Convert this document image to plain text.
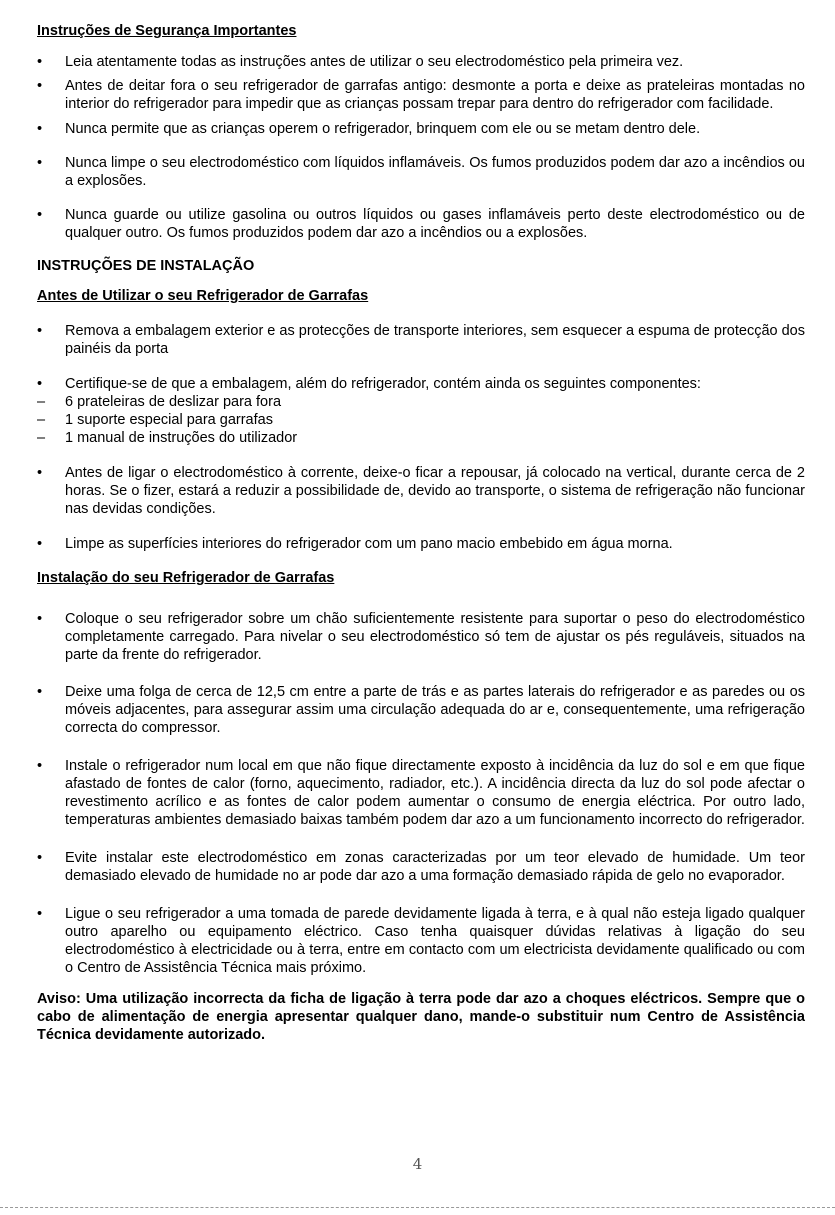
Instruções de Segurança Importantes

• Leia atentamente todas as instruções antes de utilizar o seu electrodoméstico pela primeira vez.

• Antes de deitar fora o seu refrigerador de garrafas antigo: desmonte a porta e deixe as prateleiras montadas no interior do refrigerador para impedir que as crianças possam trepar para dentro do refrigerador com facilidade.

• Nunca permite que as crianças operem o refrigerador, brinquem com ele ou se metam dentro dele.

• Nunca limpe o seu electrodoméstico com líquidos inflamáveis. Os fumos produzidos podem dar azo a incêndios ou a explosões.

• Nunca guarde ou utilize gasolina ou outros líquidos ou gases inflamáveis perto deste electrodoméstico ou de qualquer outro. Os fumos produzidos podem dar azo a incêndios ou a explosões.

INSTRUÇÕES DE INSTALAÇÃO

Antes de Utilizar o seu Refrigerador de Garrafas

• Remova a embalagem exterior e as protecções de transporte interiores, sem esquecer a espuma de protecção dos painéis da porta

• Certifique-se de que a embalagem, além do refrigerador, contém ainda os seguintes componentes:

– 6 prateleiras de deslizar para fora

– 1 suporte especial para garrafas

– 1 manual de instruções do utilizador

• Antes de ligar o electrodoméstico à corrente, deixe-o ficar a repousar, já colocado na vertical, durante cerca de 2 horas. Se o fizer, estará a reduzir a possibilidade de, devido ao transporte, o sistema de refrigeração não funcionar nas devidas condições.

• Limpe as superfícies interiores do refrigerador com um pano macio embebido em água morna.

Instalação do seu Refrigerador de Garrafas

• Coloque o seu refrigerador sobre um chão suficientemente resistente para suportar o peso do electrodoméstico completamente carregado. Para nivelar o seu electrodoméstico só tem de ajustar os pés reguláveis, situados na parte da frente do refrigerador.

• Deixe uma folga de cerca de 12,5 cm entre a parte de trás e as partes laterais do refrigerador e as paredes ou os móveis adjacentes, para assegurar assim uma circulação adequada do ar e, consequentemente, uma refrigeração correcta do compressor.

• Instale o refrigerador num local em que não fique directamente exposto à incidência da luz do sol e em que fique afastado de fontes de calor (forno, aquecimento, radiador, etc.). A incidência directa da luz do sol pode afectar o revestimento acrílico e as fontes de calor podem aumentar o consumo de energia eléctrica. Por outro lado, temperaturas ambientes demasiado baixas também podem dar azo a um funcionamento incorrecto do refrigerador.

• Evite instalar este electrodoméstico em zonas caracterizadas por um teor elevado de humidade. Um teor demasiado elevado de humidade no ar pode dar azo a uma formação demasiado rápida de gelo no evaporador.

• Ligue o seu refrigerador a uma tomada de parede devidamente ligada à terra, e à qual não esteja ligado qualquer outro aparelho ou equipamento eléctrico. Caso tenha quaisquer dúvidas relativas à ligação do seu electrodoméstico à electricidade ou à terra, entre em contacto com um electricista devidamente qualificado ou com o Centro de Assistência Técnica mais próximo.

Aviso: Uma utilização incorrecta da ficha de ligação à terra pode dar azo a choques eléctricos. Sempre que o cabo de alimentação de energia apresentar qualquer dano, mande-o substituir num Centro de Assistência Técnica devidamente autorizado.

4
